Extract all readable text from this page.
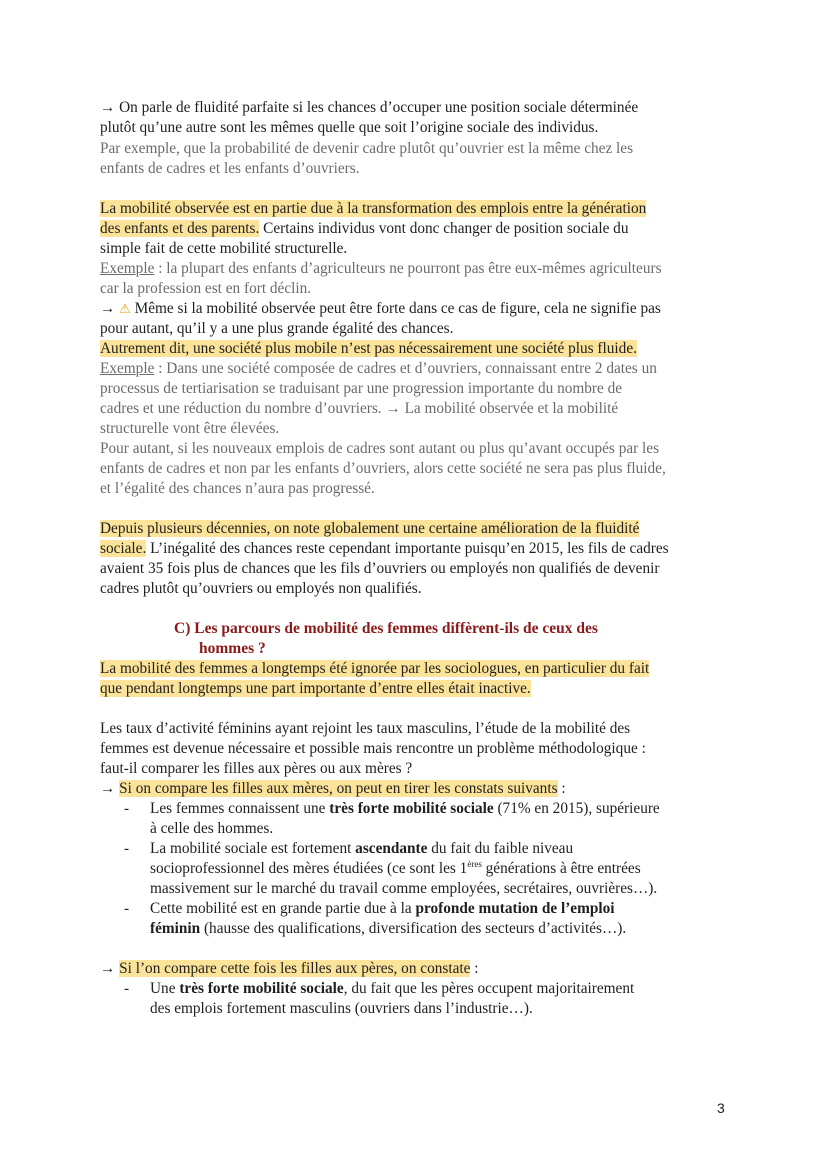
→ On parle de fluidité parfaite si les chances d’occuper une position sociale déterminée
plutôt qu’une autre sont les mêmes quelle que soit l’origine sociale des individus.
Par exemple, que la probabilité de devenir cadre plutôt qu’ouvrier est la même chez les
enfants de cadres et les enfants d’ouvriers.
La mobilité observée est en partie due à la transformation des emplois entre la génération
des enfants et des parents. Certains individus vont donc changer de position sociale du
simple fait de cette mobilité structurelle.
Exemple : la plupart des enfants d’agriculteurs ne pourront pas être eux-mêmes agriculteurs
car la profession est en fort déclin.
→ ⚠ Même si la mobilité observée peut être forte dans ce cas de figure, cela ne signifie pas
pour autant, qu’il y a une plus grande égalité des chances.
Autrement dit, une société plus mobile n’est pas nécessairement une société plus fluide.
Exemple : Dans une société composée de cadres et d’ouvriers, connaissant entre 2 dates un
processus de tertiarisation se traduisant par une progression importante du nombre de
cadres et une réduction du nombre d’ouvriers. → La mobilité observée et la mobilité
structurelle vont être élevées.
Pour autant, si les nouveaux emplois de cadres sont autant ou plus qu’avant occupés par les
enfants de cadres et non par les enfants d’ouvriers, alors cette société ne sera pas plus fluide,
et l’égalité des chances n’aura pas progressé.
Depuis plusieurs décennies, on note globalement une certaine amélioration de la fluidité
sociale. L’inégalité des chances reste cependant importante puisqu’en 2015, les fils de cadres
avaient 35 fois plus de chances que les fils d’ouvriers ou employés non qualifiés de devenir
cadres plutôt qu’ouvriers ou employés non qualifiés.
C) Les parcours de mobilité des femmes diffèrent-ils de ceux des
hommes ?
La mobilité des femmes a longtemps été ignorée par les sociologues, en particulier du fait
que pendant longtemps une part importante d’entre elles était inactive.
Les taux d’activité féminins ayant rejoint les taux masculins, l’étude de la mobilité des
femmes est devenue nécessaire et possible mais rencontre un problème méthodologique :
faut-il comparer les filles aux pères ou aux mères ?
→ Si on compare les filles aux mères, on peut en tirer les constats suivants :
- Les femmes connaissent une très forte mobilité sociale (71% en 2015), supérieure
à celle des hommes.
- La mobilité sociale est fortement ascendante du fait du faible niveau
socioprofessionnel des mères étudiées (ce sont les 1ères générations à être entrées
massivement sur le marché du travail comme employées, secrétaires, ouvrières…).
- Cette mobilité est en grande partie due à la profonde mutation de l’emploi
féminin (hausse des qualifications, diversification des secteurs d’activités…).
→ Si l’on compare cette fois les filles aux pères, on constate :
- Une très forte mobilité sociale, du fait que les pères occupent majoritairement
des emplois fortement masculins (ouvriers dans l’industrie…).
3
